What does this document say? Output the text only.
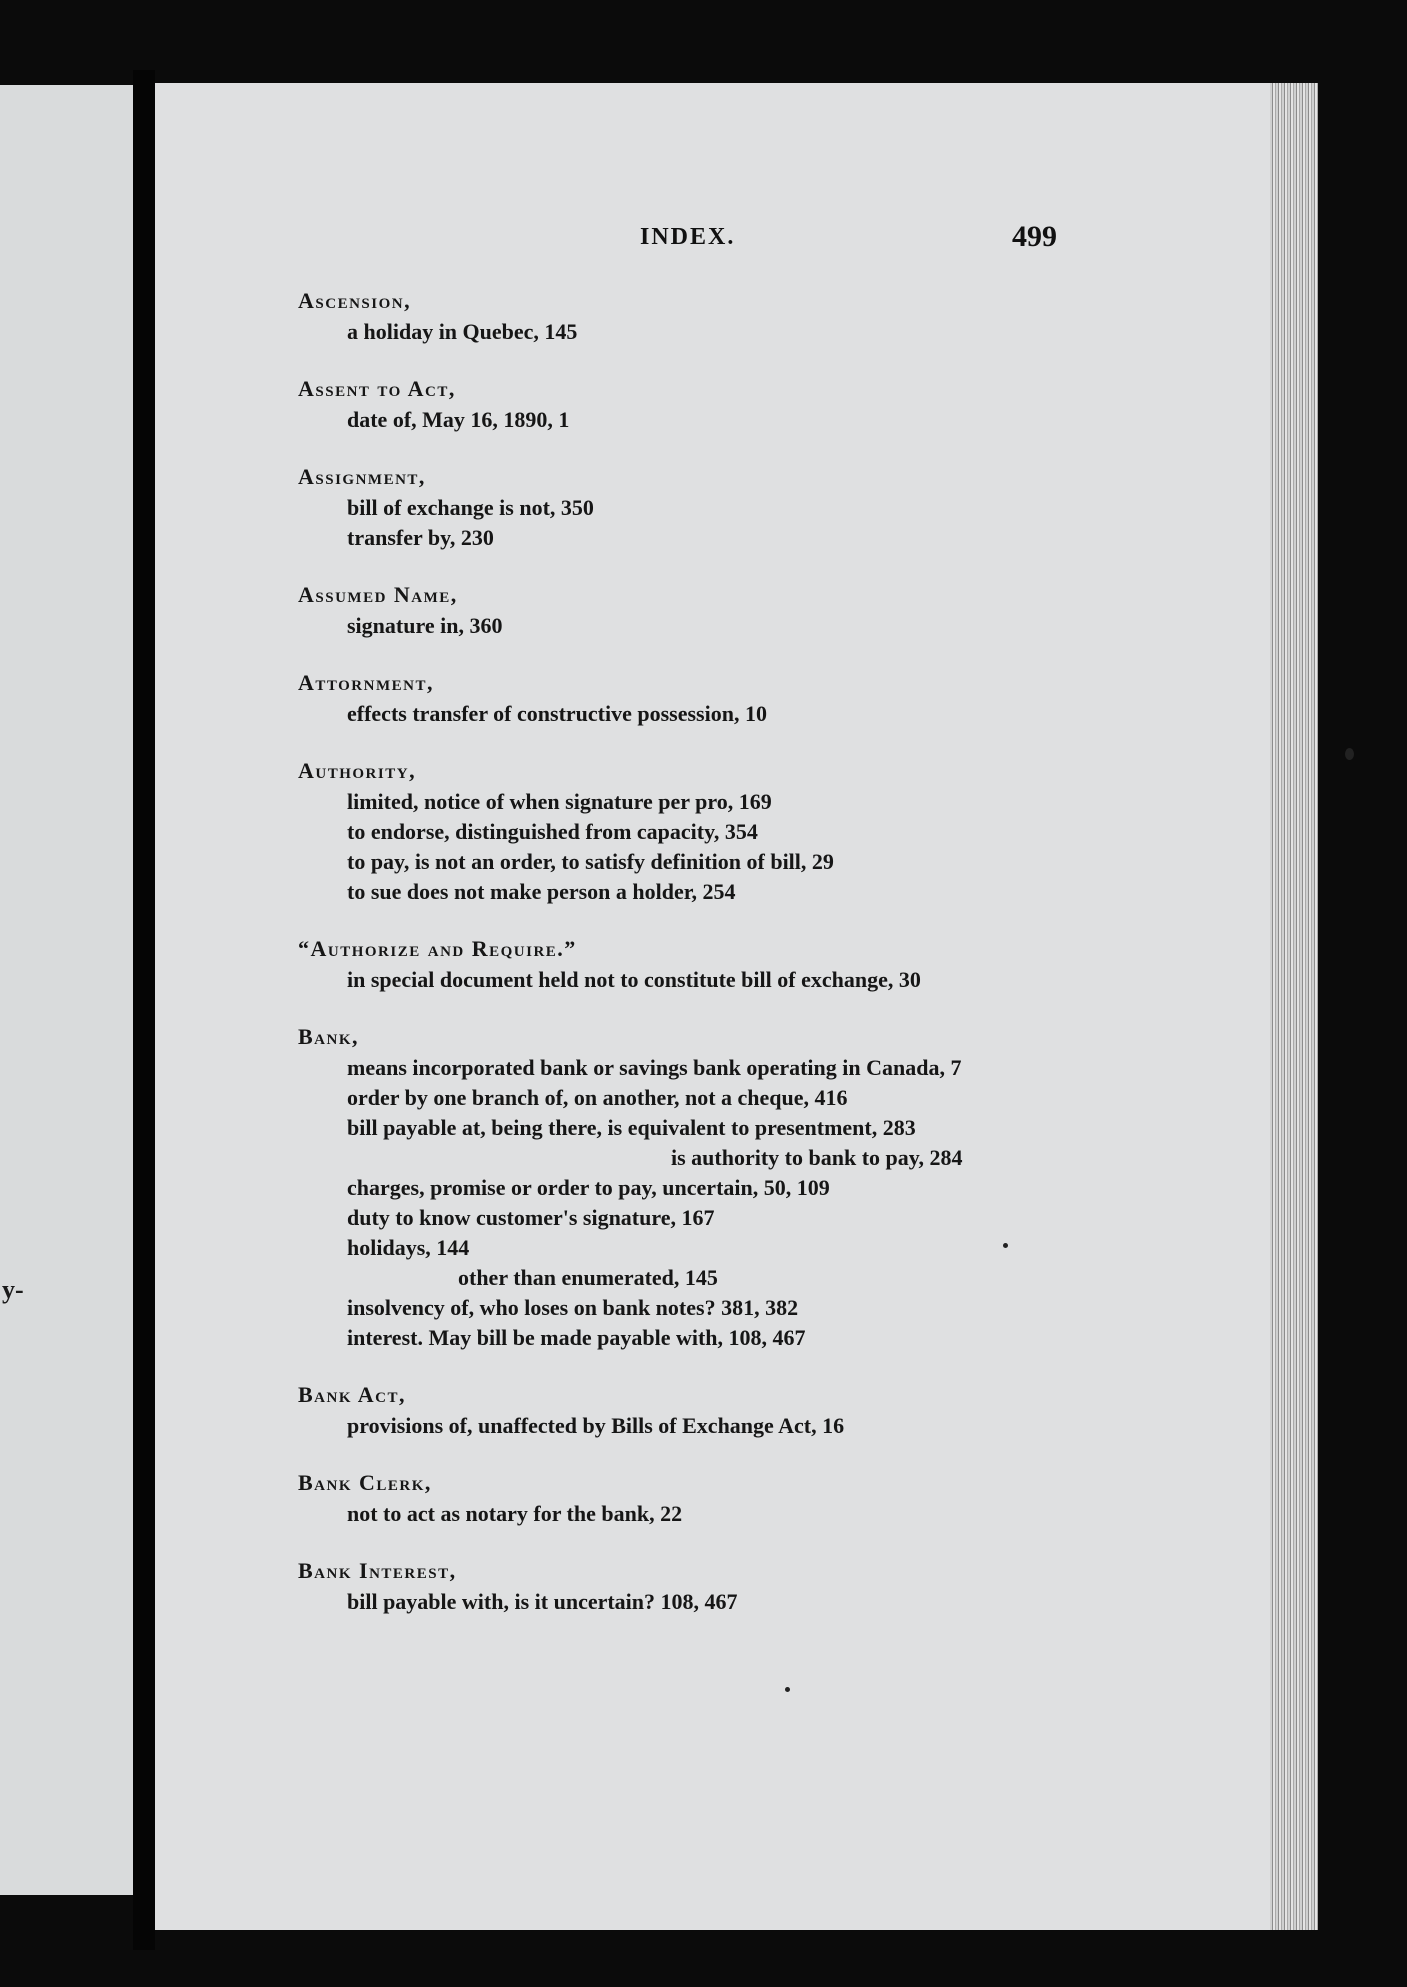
y-
INDEX.	499
Ascension,
a holiday in Quebec, 145
Assent to Act,
date of, May 16, 1890, 1
Assignment,
bill of exchange is not, 350
transfer by, 230
Assumed Name,
signature in, 360
Attornment,
effects transfer of constructive possession, 10
Authority,
limited, notice of when signature per pro, 169
to endorse, distinguished from capacity, 354
to pay, is not an order, to satisfy definition of bill, 29
to sue does not make person a holder, 254
“Authorize and Require.”
in special document held not to constitute bill of exchange, 30
Bank,
means incorporated bank or savings bank operating in Canada, 7
order by one branch of, on another, not a cheque, 416
bill payable at, being there, is equivalent to presentment, 283
is authority to bank to pay, 284
charges, promise or order to pay, uncertain, 50, 109
duty to know customer's signature, 167
holidays, 144
other than enumerated, 145
insolvency of, who loses on bank notes? 381, 382
interest. May bill be made payable with, 108, 467
Bank Act,
provisions of, unaffected by Bills of Exchange Act, 16
Bank Clerk,
not to act as notary for the bank, 22
Bank Interest,
bill payable with, is it uncertain? 108, 467
